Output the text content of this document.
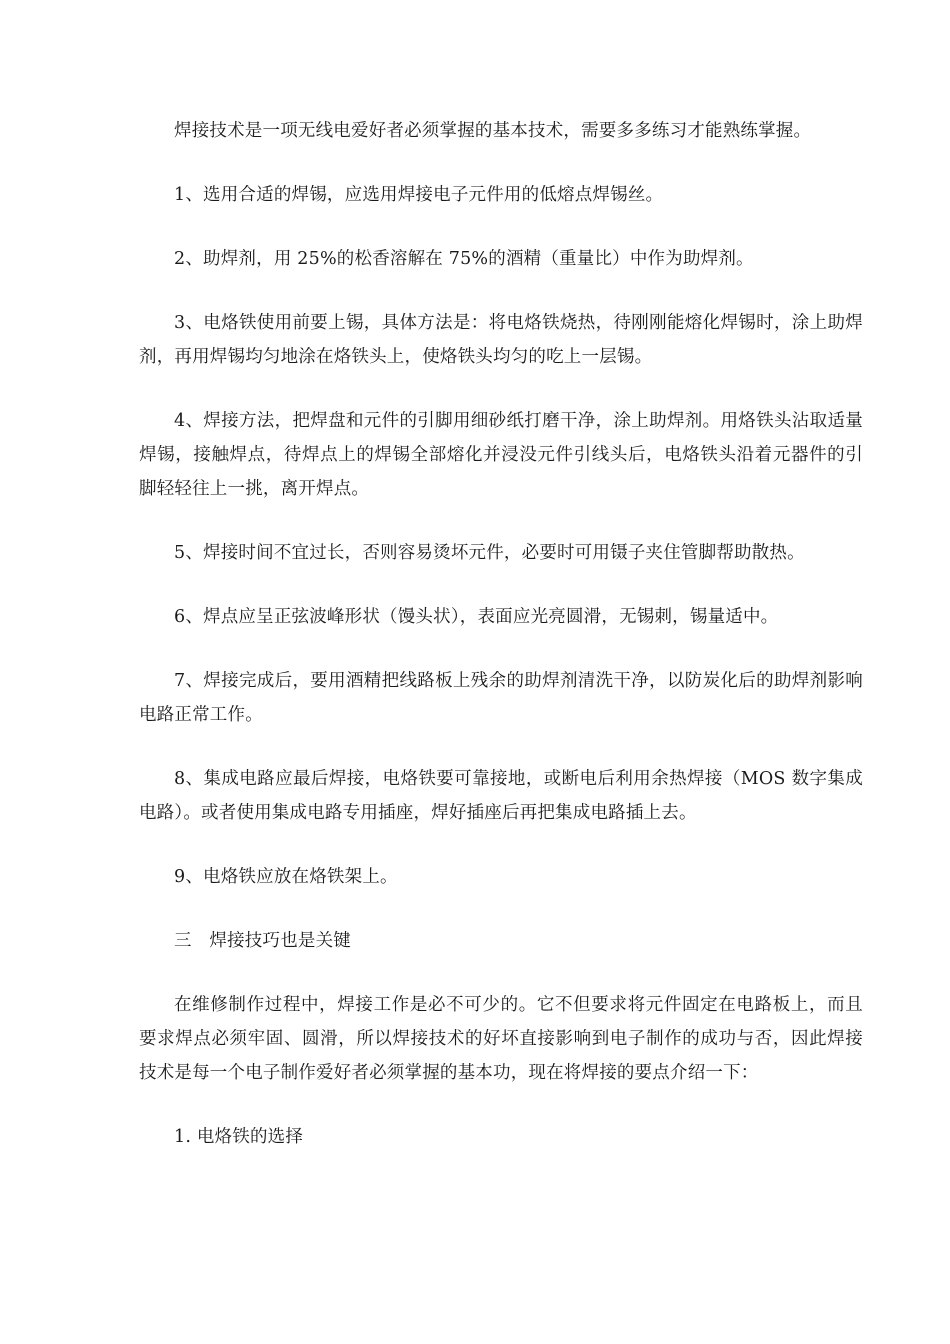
焊接技术是一项无线电爱好者必须掌握的基本技术，需要多多练习才能熟练掌握。

1、选用合适的焊锡，应选用焊接电子元件用的低熔点焊锡丝。

2、助焊剂，用 25%的松香溶解在 75%的酒精（重量比）中作为助焊剂。

3、电烙铁使用前要上锡，具体方法是：将电烙铁烧热，待刚刚能熔化焊锡时，涂上助焊剂，再用焊锡均匀地涂在烙铁头上，使烙铁头均匀的吃上一层锡。

4、焊接方法，把焊盘和元件的引脚用细砂纸打磨干净，涂上助焊剂。用烙铁头沾取适量焊锡，接触焊点，待焊点上的焊锡全部熔化并浸没元件引线头后，电烙铁头沿着元器件的引脚轻轻往上一挑，离开焊点。

5、焊接时间不宜过长，否则容易烫坏元件，必要时可用镊子夹住管脚帮助散热。

6、焊点应呈正弦波峰形状（馒头状），表面应光亮圆滑，无锡刺，锡量适中。

7、焊接完成后，要用酒精把线路板上残余的助焊剂清洗干净，以防炭化后的助焊剂影响电路正常工作。

8、集成电路应最后焊接，电烙铁要可靠接地，或断电后利用余热焊接（MOS 数字集成电路）。或者使用集成电路专用插座，焊好插座后再把集成电路插上去。

9、电烙铁应放在烙铁架上。

三　焊接技巧也是关键

在维修制作过程中，焊接工作是必不可少的。它不但要求将元件固定在电路板上，而且要求焊点必须牢固、圆滑，所以焊接技术的好坏直接影响到电子制作的成功与否，因此焊接技术是每一个电子制作爱好者必须掌握的基本功，现在将焊接的要点介绍一下：

1. 电烙铁的选择
